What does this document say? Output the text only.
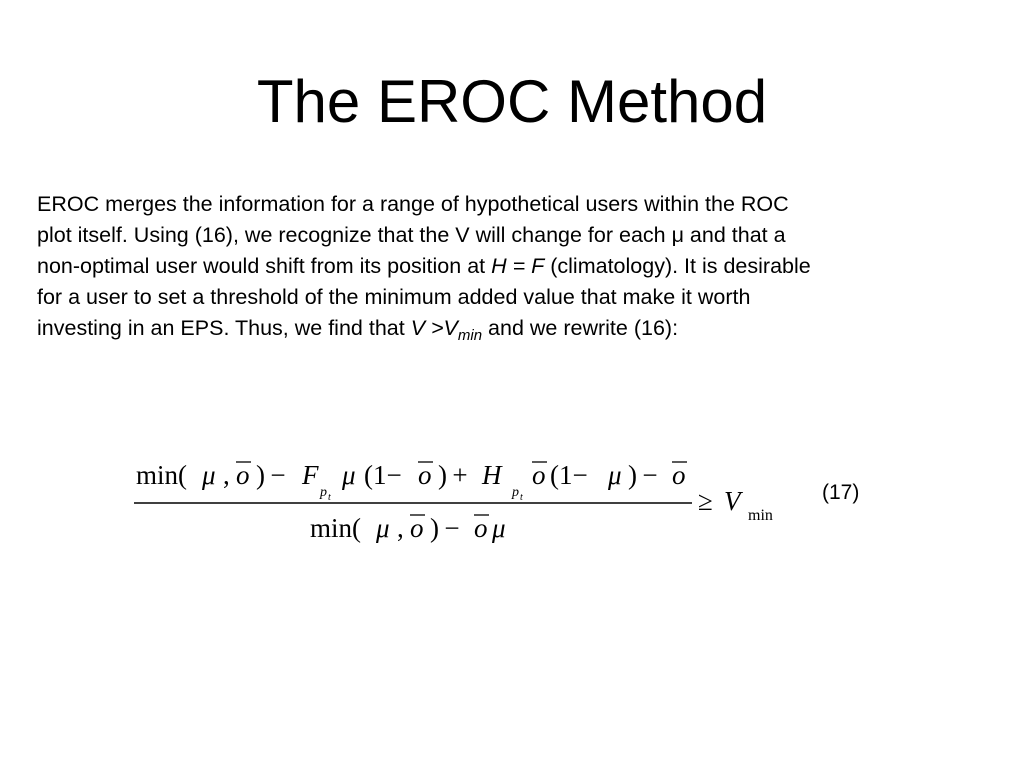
The EROC Method
EROC merges the information for a range of hypothetical users within the ROC
plot itself. Using (16), we recognize that the V will change for each μ and that a
non-optimal user would shift from its position at H = F (climatology). It is desirable
for a user to set a threshold of the minimum added value that make it worth
investing in an EPS. Thus, we find that $V >V_{min}$ and we rewrite (16):
min( μ , o ) −  F
p t
μ (1− o ) +  H
p t
o (1−  μ ) − o
min( μ , o ) − o μ
≥ V min
(17)
